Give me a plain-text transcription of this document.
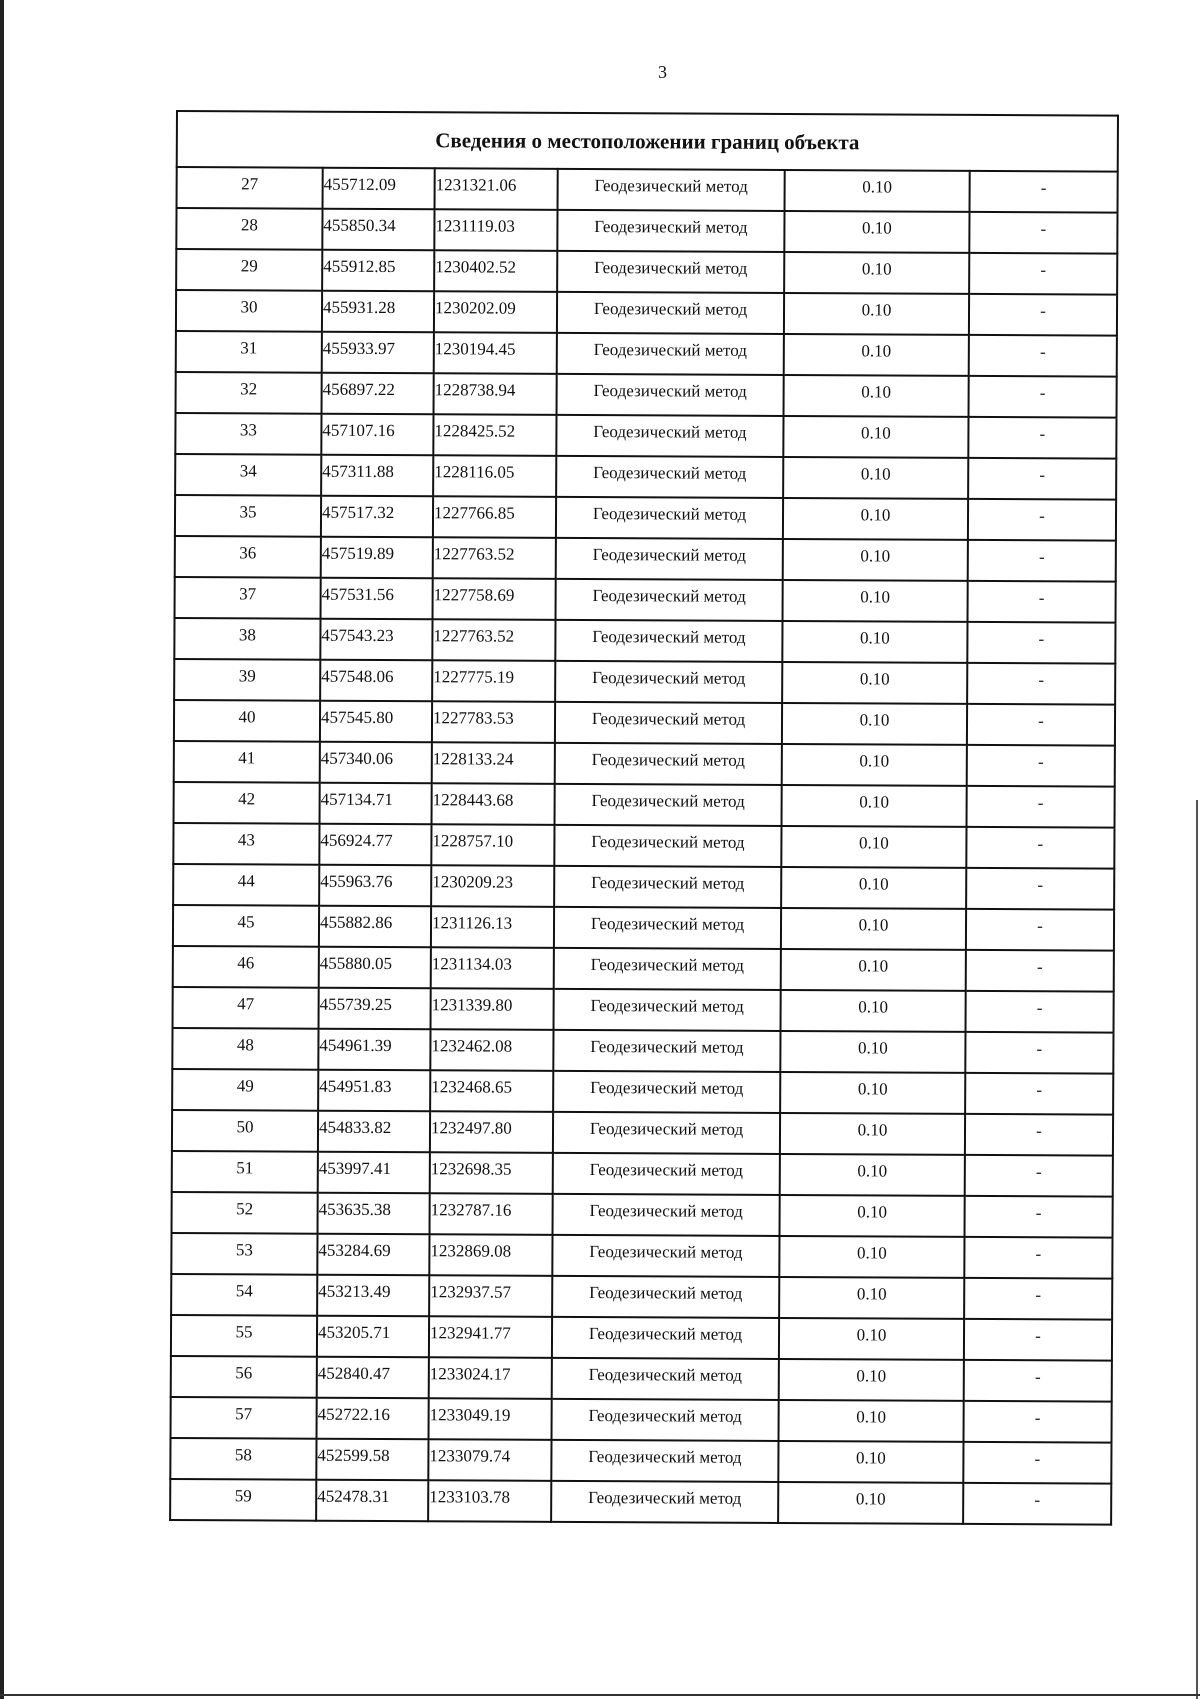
3
Сведения о местоположении границ объекта					
27	455712.09	1231321.06	Геодезический метод	0.10	-
28	455850.34	1231119.03	Геодезический метод	0.10	-
29	455912.85	1230402.52	Геодезический метод	0.10	-
30	455931.28	1230202.09	Геодезический метод	0.10	-
31	455933.97	1230194.45	Геодезический метод	0.10	-
32	456897.22	1228738.94	Геодезический метод	0.10	-
33	457107.16	1228425.52	Геодезический метод	0.10	-
34	457311.88	1228116.05	Геодезический метод	0.10	-
35	457517.32	1227766.85	Геодезический метод	0.10	-
36	457519.89	1227763.52	Геодезический метод	0.10	-
37	457531.56	1227758.69	Геодезический метод	0.10	-
38	457543.23	1227763.52	Геодезический метод	0.10	-
39	457548.06	1227775.19	Геодезический метод	0.10	-
40	457545.80	1227783.53	Геодезический метод	0.10	-
41	457340.06	1228133.24	Геодезический метод	0.10	-
42	457134.71	1228443.68	Геодезический метод	0.10	-
43	456924.77	1228757.10	Геодезический метод	0.10	-
44	455963.76	1230209.23	Геодезический метод	0.10	-
45	455882.86	1231126.13	Геодезический метод	0.10	-
46	455880.05	1231134.03	Геодезический метод	0.10	-
47	455739.25	1231339.80	Геодезический метод	0.10	-
48	454961.39	1232462.08	Геодезический метод	0.10	-
49	454951.83	1232468.65	Геодезический метод	0.10	-
50	454833.82	1232497.80	Геодезический метод	0.10	-
51	453997.41	1232698.35	Геодезический метод	0.10	-
52	453635.38	1232787.16	Геодезический метод	0.10	-
53	453284.69	1232869.08	Геодезический метод	0.10	-
54	453213.49	1232937.57	Геодезический метод	0.10	-
55	453205.71	1232941.77	Геодезический метод	0.10	-
56	452840.47	1233024.17	Геодезический метод	0.10	-
57	452722.16	1233049.19	Геодезический метод	0.10	-
58	452599.58	1233079.74	Геодезический метод	0.10	-
59	452478.31	1233103.78	Геодезический метод	0.10	-
